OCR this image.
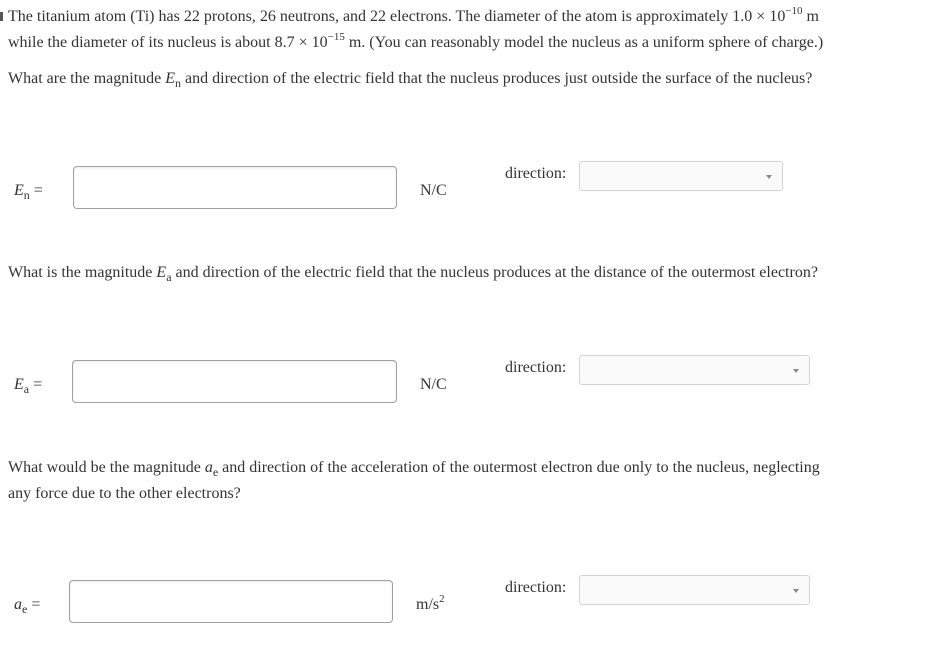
The titanium atom (Ti) has 22 protons, 26 neutrons, and 22 electrons. The diameter of the atom is approximately $1.0 \times 10^{-10}$ m
while the diameter of its nucleus is about $8.7 \times 10^{-15}$ m. (You can reasonably model the nucleus as a uniform sphere of charge.)
What are the magnitude $E_n$ and direction of the electric field that the nucleus produces just outside the surface of the nucleus?
$E_n$ =	N/C
direction:
What is the magnitude $E_a$ and direction of the electric field that the nucleus produces at the distance of the outermost electron?
$E_a$ =	N/C
direction:
What would be the magnitude $a_e$ and direction of the acceleration of the outermost electron due only to the nucleus, neglecting
any force due to the other electrons?
$a_e$ =	$m/s^2$
direction:
